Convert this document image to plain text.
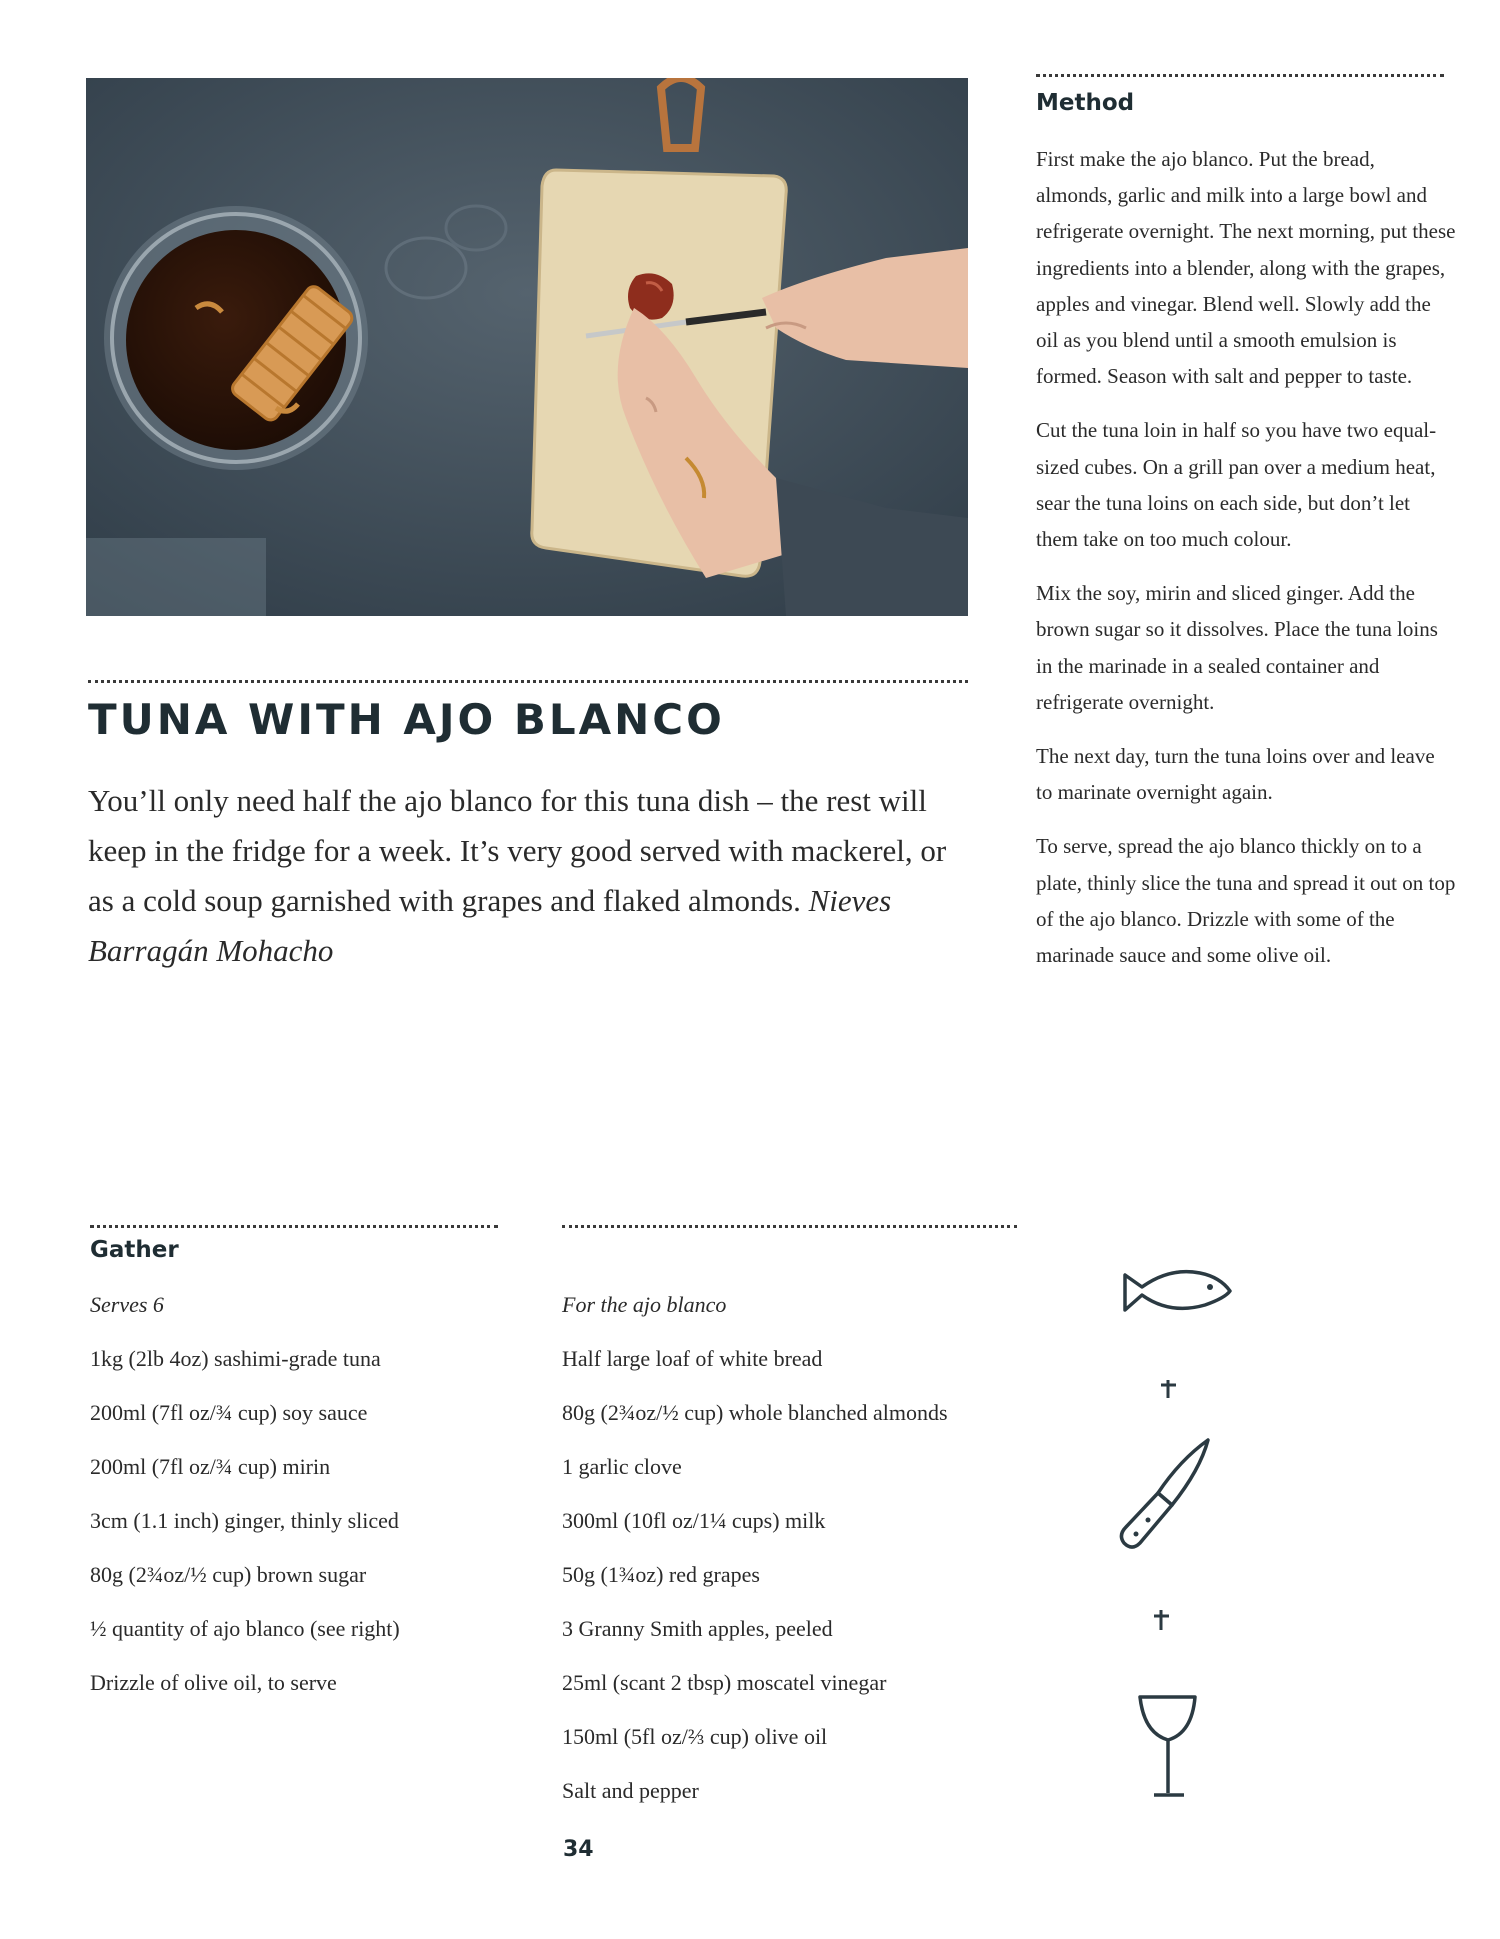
TUNA WITH AJO BLANCO
You’ll only need half the ajo blanco for this tuna dish – the rest will keep in the fridge for a week. It’s very good served with mackerel, or as a cold soup garnished with grapes and flaked almonds. Nieves Barragán Mohacho
Method

First make the ajo blanco. Put the bread, almonds, garlic and milk into a large bowl and refrigerate overnight. The next morning, put these ingredients into a blender, along with the grapes, apples and vinegar. Blend well. Slowly add the oil as you blend until a smooth emulsion is formed. Season with salt and pepper to taste.

Cut the tuna loin in half so you have two equal-sized cubes. On a grill pan over a medium heat, sear the tuna loins on each side, but don’t let them take on too much colour.

Mix the soy, mirin and sliced ginger. Add the brown sugar so it dissolves. Place the tuna loins in the marinade in a sealed container and refrigerate overnight.

The next day, turn the tuna loins over and leave to marinate overnight again.

To serve, spread the ajo blanco thickly on to a plate, thinly slice the tuna and spread it out on top of the ajo blanco. Drizzle with some of the marinade sauce and some olive oil.

Gather
Serves 6
1kg (2lb 4oz) sashimi-grade tuna
200ml (7fl oz/¾ cup) soy sauce
200ml (7fl oz/¾ cup) mirin
3cm (1.1 inch) ginger, thinly sliced
80g (2¾oz/½ cup) brown sugar
½ quantity of ajo blanco (see right)
Drizzle of olive oil, to serve
For the ajo blanco
Half large loaf of white bread
80g (2¾oz/½ cup) whole blanched almonds
1 garlic clove
300ml (10fl oz/1¼ cups) milk
50g (1¾oz) red grapes
3 Granny Smith apples, peeled
25ml (scant 2 tbsp) moscatel vinegar
150ml (5fl oz/⅔ cup) olive oil
Salt and pepper
34
